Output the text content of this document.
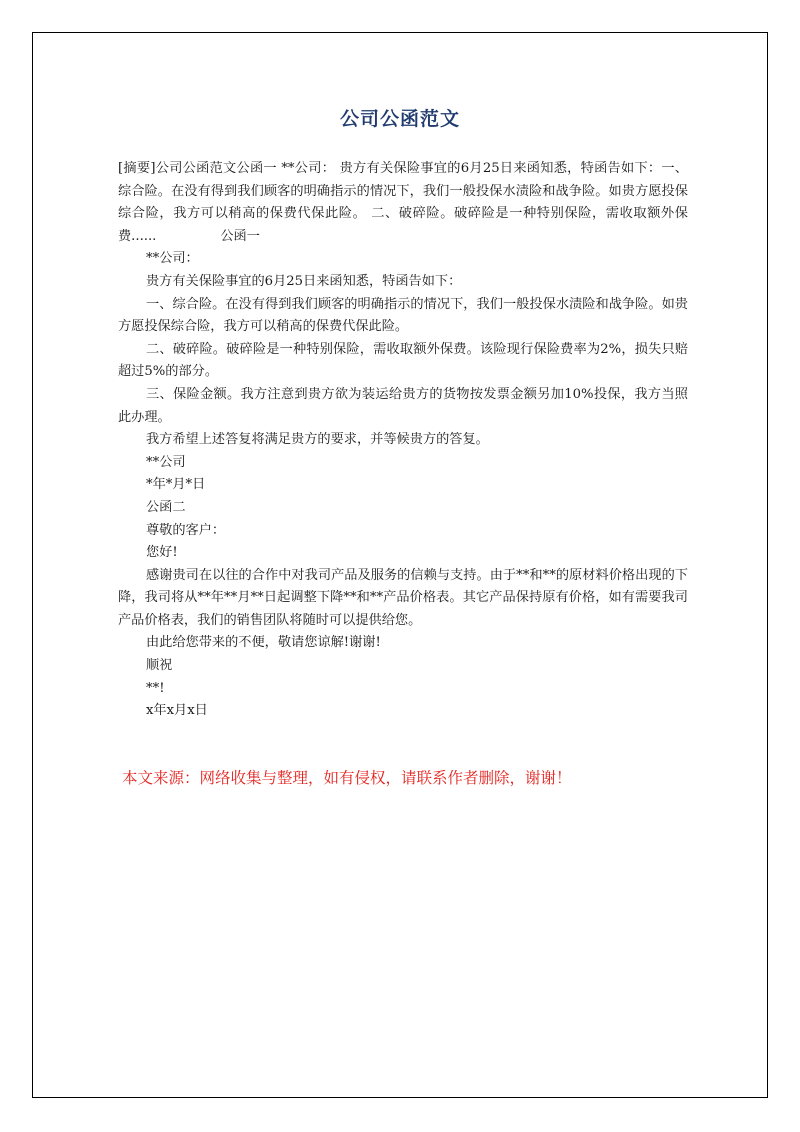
公司公函范文

[摘要]公司公函范文公函一 **公司： 贵方有关保险事宜的6月25日来函知悉，特函告如下：一、综合险。在没有得到我们顾客的明确指示的情况下，我们一般投保水渍险和战争险。如贵方愿投保综合险，我方可以稍高的保费代保此险。 二、破碎险。破碎险是一种特别保险，需收取额外保费......	公函一

**公司：

贵方有关保险事宜的6月25日来函知悉，特函告如下：

一、综合险。在没有得到我们顾客的明确指示的情况下，我们一般投保水渍险和战争险。如贵方愿投保综合险，我方可以稍高的保费代保此险。

二、破碎险。破碎险是一种特别保险，需收取额外保费。该险现行保险费率为2%，损失只赔超过5%的部分。

三、保险金额。我方注意到贵方欲为装运给贵方的货物按发票金额另加10%投保，我方当照此办理。

我方希望上述答复将满足贵方的要求，并等候贵方的答复。

**公司

*年*月*日

公函二

尊敬的客户：

您好!

感谢贵司在以往的合作中对我司产品及服务的信赖与支持。由于**和**的原材料价格出现的下降，我司将从**年**月**日起调整下降**和**产品价格表。其它产品保持原有价格，如有需要我司产品价格表，我们的销售团队将随时可以提供给您。

由此给您带来的不便，敬请您谅解!谢谢!

顺祝

**!

x年x月x日

本文来源：网络收集与整理，如有侵权，请联系作者删除，谢谢！
